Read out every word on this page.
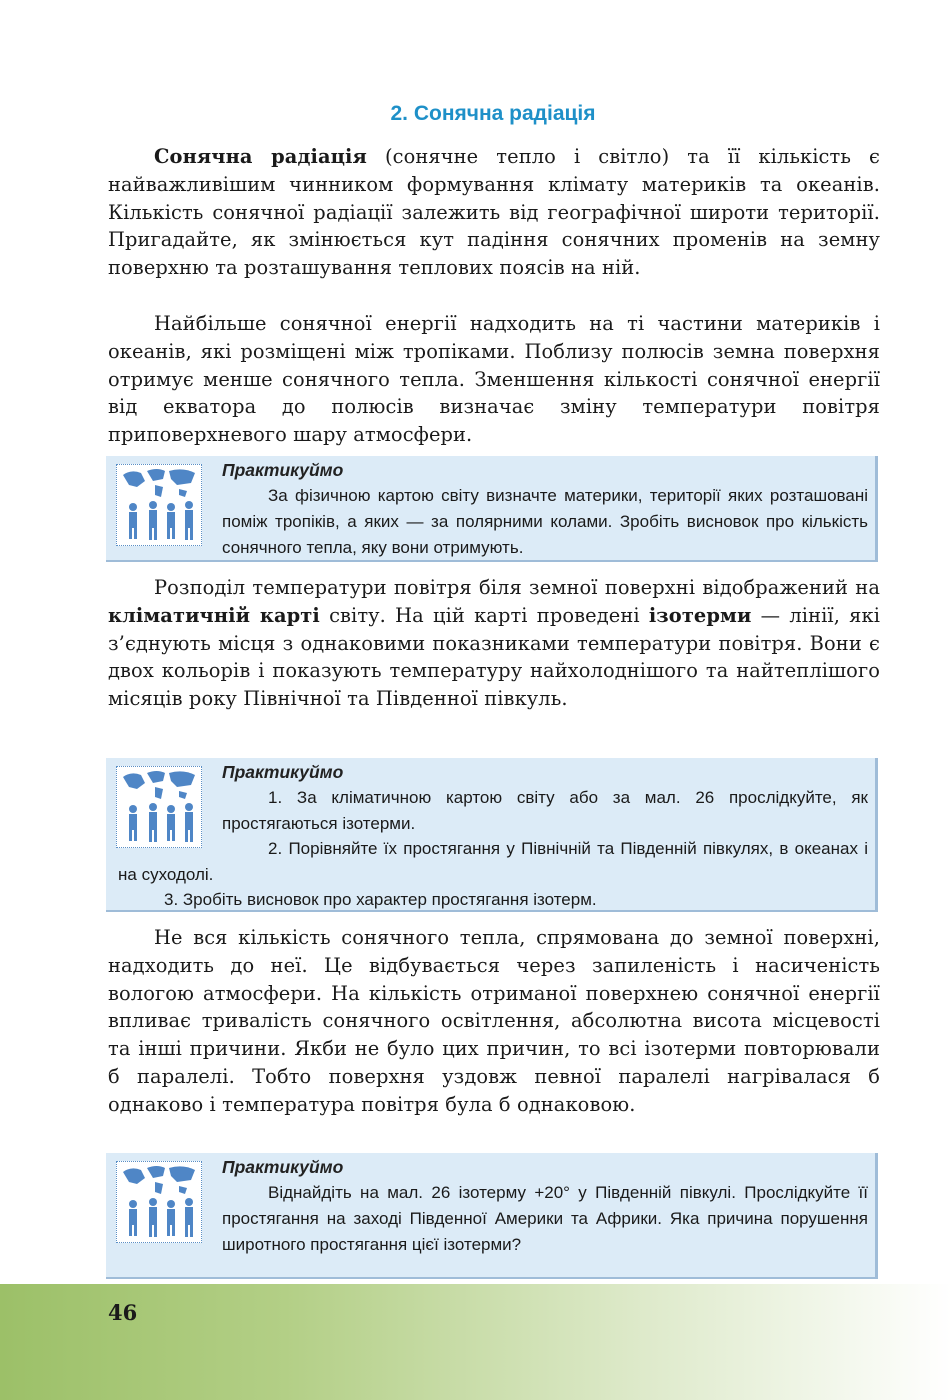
2. Сонячна радіація

Сонячна радіація (сонячне тепло і світло) та її кількість є найважливішим чинником формування клімату материків та океанів. Кількість сонячної радіації залежить від географічної широти території. Пригадайте, як змінюється кут падіння сонячних променів на земну поверхню та розташування теплових поясів на ній.

Найбільше сонячної енергії надходить на ті частини материків і океанів, які розміщені між тропіками. Поблизу полюсів земна поверхня отримує менше сонячного тепла. Зменшення кількості сонячної енергії від екватора до полюсів визначає зміну температури повітря приповерхневого шару атмосфери.

Практикуймо

За фізичною картою світу визначте материки, території яких розташовані поміж тропіків, а яких — за полярними колами. Зробіть висновок про кількість сонячного тепла, яку вони отримують.

Розподіл температури повітря біля земної поверхні відображений на кліматичній карті світу. На цій карті проведені ізотерми — лінії, які з’єднують місця з однаковими показниками температури повітря. Вони є двох кольорів і показують температуру найхолоднішого та найтеплішого місяців року Північної та Південної півкуль.

Практикуймо

1. За кліматичною картою світу або за мал. 26 прослідкуйте, як простягаються ізотерми.

2. Порівняйте їх простягання у Північній та Південній півкулях, в океанах і на суходолі.

3. Зробіть висновок про характер простягання ізотерм.

Не вся кількість сонячного тепла, спрямована до земної поверхні, надходить до неї. Це відбувається через запиленість і насиченість вологою атмосфери. На кількість отриманої поверхнею сонячної енергії впливає тривалість сонячного освітлення, абсолютна висота місцевості та інші причини. Якби не було цих причин, то всі ізотерми повторювали б паралелі. Тобто поверхня уздовж певної паралелі нагрівалася б однаково і температура повітря була б однаковою.

Практикуймо

Віднайдіть на мал. 26 ізотерму +20° у Південній півкулі. Прослідкуйте її простягання на заході Південної Америки та Африки. Яка причина порушення широтного простягання цієї ізотерми?

46
